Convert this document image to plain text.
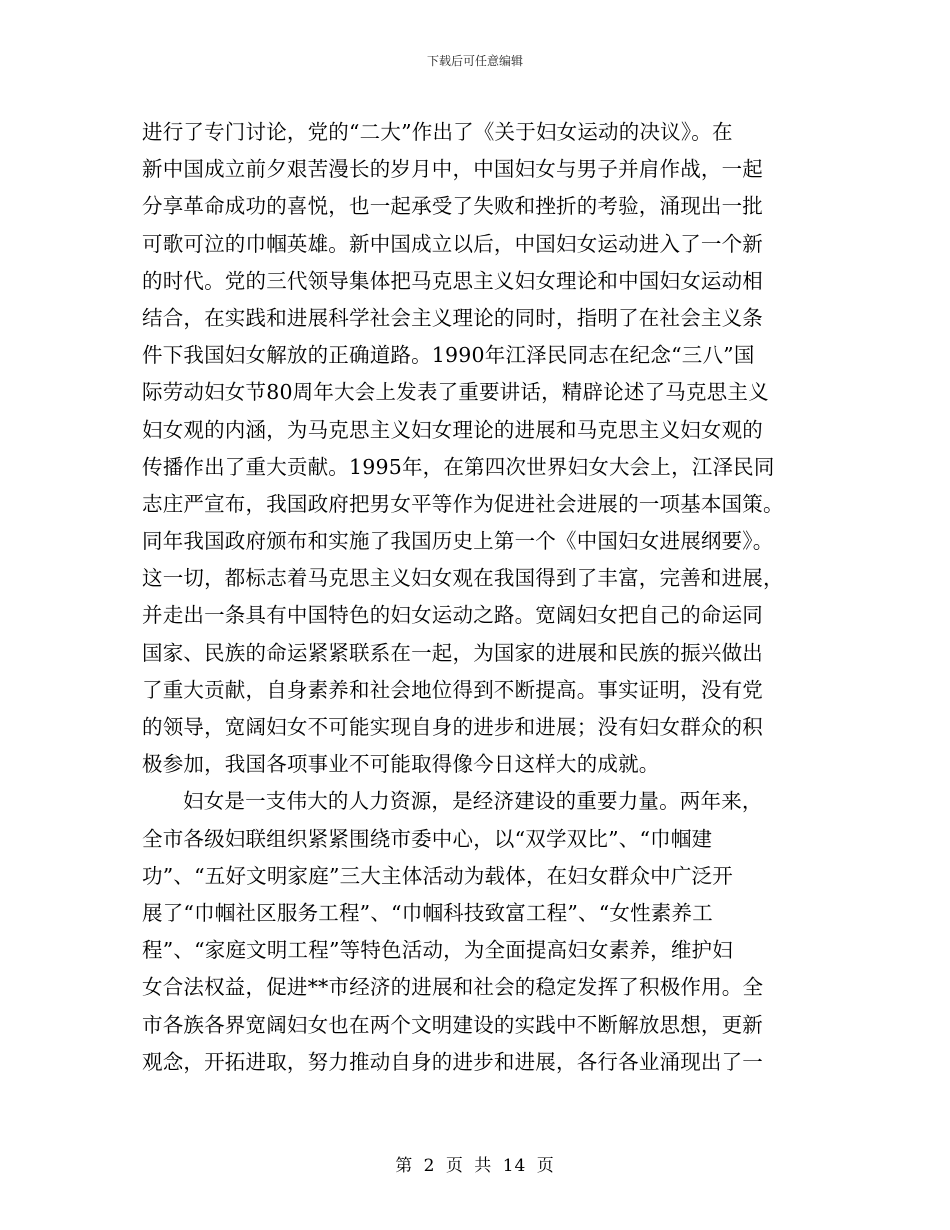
下载后可任意编辑
进行了专门讨论，党的“二大”作出了《关于妇女运动的决议》。在
新中国成立前夕艰苦漫长的岁月中，中国妇女与男子并肩作战，一起
分享革命成功的喜悦，也一起承受了失败和挫折的考验，涌现出一批
可歌可泣的巾帼英雄。新中国成立以后，中国妇女运动进入了一个新
的时代。党的三代领导集体把马克思主义妇女理论和中国妇女运动相
结合，在实践和进展科学社会主义理论的同时，指明了在社会主义条
件下我国妇女解放的正确道路。1990年江泽民同志在纪念“三八”国
际劳动妇女节80周年大会上发表了重要讲话，精辟论述了马克思主义
妇女观的内涵，为马克思主义妇女理论的进展和马克思主义妇女观的
传播作出了重大贡献。1995年，在第四次世界妇女大会上，江泽民同
志庄严宣布，我国政府把男女平等作为促进社会进展的一项基本国策。
同年我国政府颁布和实施了我国历史上第一个《中国妇女进展纲要》。
这一切，都标志着马克思主义妇女观在我国得到了丰富，完善和进展，
并走出一条具有中国特色的妇女运动之路。宽阔妇女把自己的命运同
国家、民族的命运紧紧联系在一起，为国家的进展和民族的振兴做出
了重大贡献，自身素养和社会地位得到不断提高。事实证明，没有党
的领导，宽阔妇女不可能实现自身的进步和进展；没有妇女群众的积
极参加，我国各项事业不可能取得像今日这样大的成就。
妇女是一支伟大的人力资源，是经济建设的重要力量。两年来，
全市各级妇联组织紧紧围绕市委中心，以“双学双比”、“巾帼建
功”、“五好文明家庭”三大主体活动为载体，在妇女群众中广泛开
展了“巾帼社区服务工程”、“巾帼科技致富工程”、“女性素养工
程”、“家庭文明工程”等特色活动，为全面提高妇女素养，维护妇
女合法权益，促进**市经济的进展和社会的稳定发挥了积极作用。全
市各族各界宽阔妇女也在两个文明建设的实践中不断解放思想，更新
观念，开拓进取，努力推动自身的进步和进展，各行各业涌现出了一
第 2 页 共 14 页
